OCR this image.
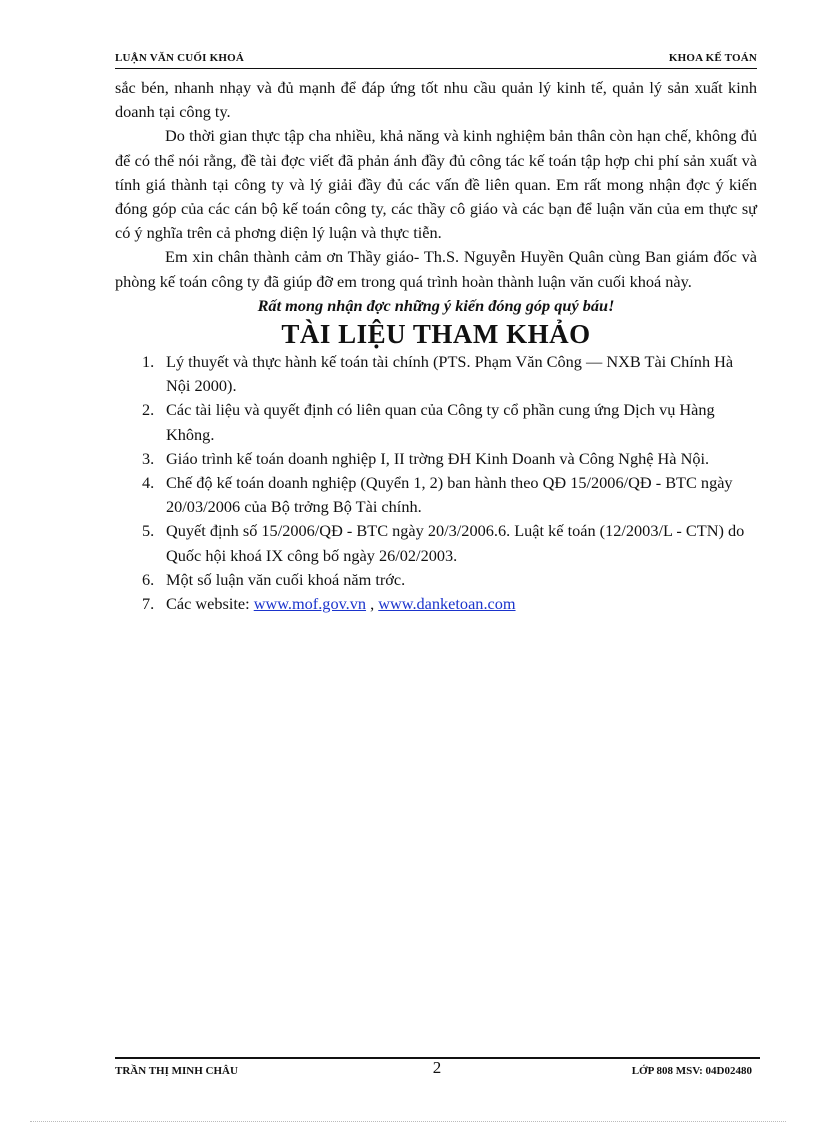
LUẬN VĂN CUỐI KHOÁ	KHOA KẾ TOÁN

sắc bén, nhanh nhạy và đủ mạnh để đáp ứng tốt nhu cầu quản lý kinh tế, quản lý sản xuất kinh doanh tại công ty.

Do thời gian thực tập cha nhiều, khả năng và kinh nghiệm bản thân còn hạn chế, không đủ để có thể nói rằng, đề tài đợc viết đã phản ánh đầy đủ công tác kế toán tập hợp chi phí sản xuất và tính giá thành tại công ty và lý giải đầy đủ các vấn đề liên quan. Em rất mong nhận đợc ý kiến đóng góp của các cán bộ kế toán công ty, các thầy cô giáo và các bạn để luận văn của em thực sự có ý nghĩa trên cả phơng diện lý luận và thực tiễn.

Em xin chân thành cảm ơn Thầy giáo- Th.S. Nguyễn Huyền Quân cùng Ban giám đốc và phòng kế toán công ty đã giúp đỡ em trong quá trình hoàn thành luận văn cuối khoá này.

Rất mong nhận đợc những ý kiến đóng góp quý báu!

TÀI LIỆU THAM KHẢO
1. Lý thuyết và thực hành kế toán tài chính (PTS. Phạm Văn Công — NXB Tài Chính Hà Nội 2000).
2. Các tài liệu và quyết định có liên quan của Công ty cổ phần cung ứng Dịch vụ Hàng Không.
3. Giáo trình kế toán doanh nghiệp I, II trờng ĐH Kinh Doanh và Công Nghệ Hà Nội.
4. Chế độ kế toán doanh nghiệp (Quyển 1, 2) ban hành theo QĐ 15/2006/QĐ - BTC ngày 20/03/2006 của Bộ trởng Bộ Tài chính.
5. Quyết định số 15/2006/QĐ - BTC ngày 20/3/2006.6. Luật kế toán (12/2003/L - CTN) do Quốc hội khoá IX công bố ngày 26/02/2003.
6. Một số luận văn cuối khoá năm trớc.
7. Các website: www.mof.gov.vn , www.danketoan.com
TRẦN THỊ MINH CHÂU	LỚP 808 MSV: 04D02480
2
